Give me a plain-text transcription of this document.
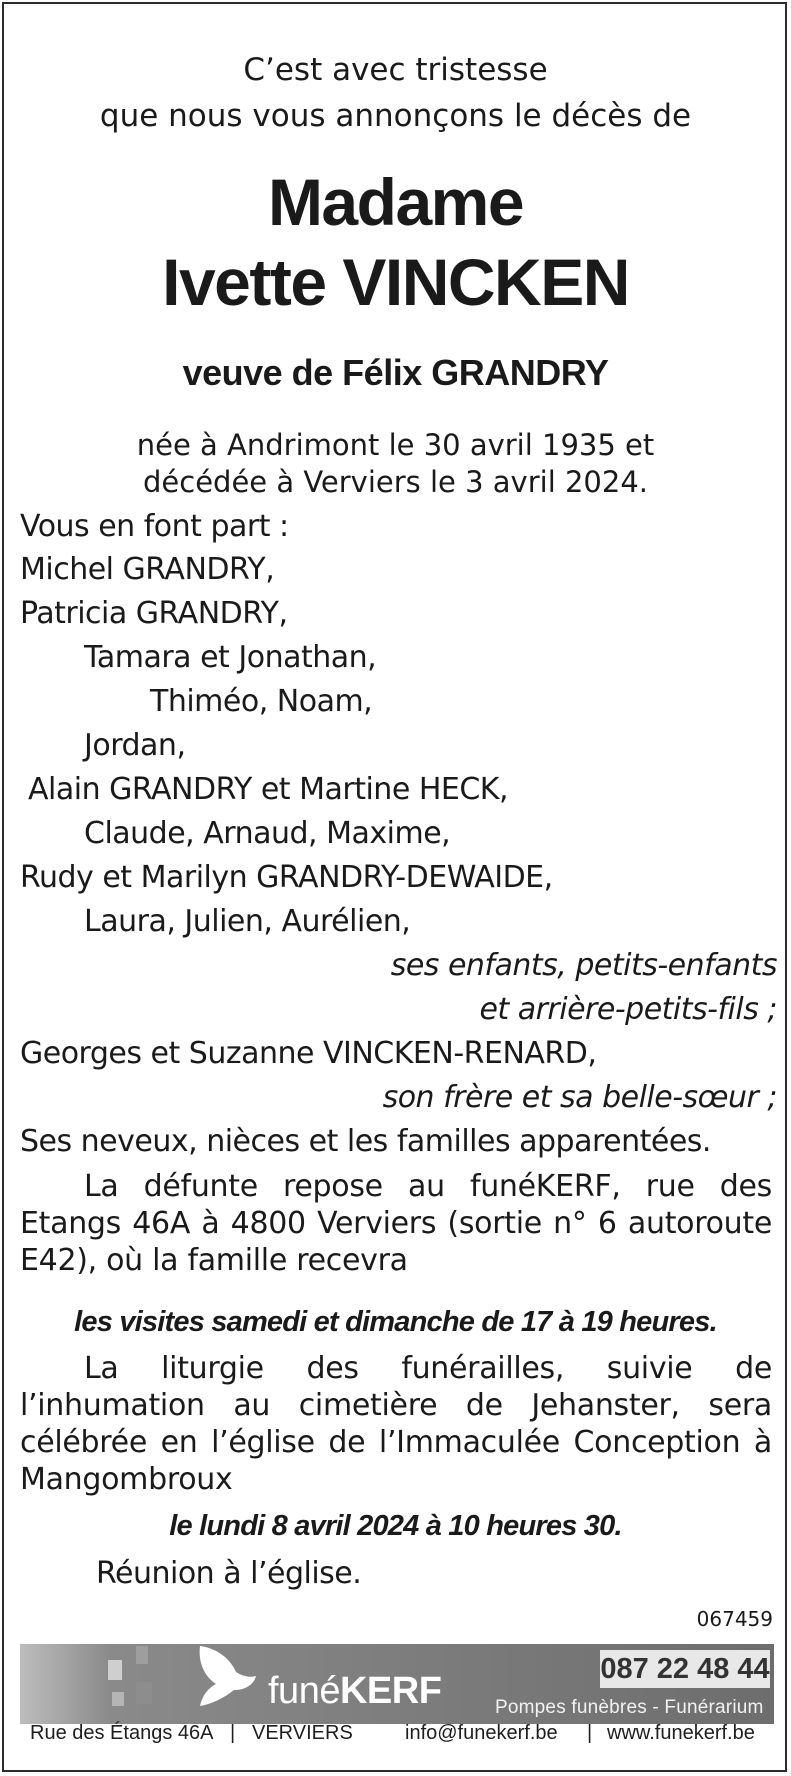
C’est avec tristesse
que nous vous annonçons le décès de
Madame
Ivette VINCKEN
veuve de Félix GRANDRY
née à Andrimont le 30 avril 1935 et
décédée à Verviers le 3 avril 2024.
Vous en font part :
Michel GRANDRY,
Patricia GRANDRY,
Tamara et Jonathan,
Thiméo, Noam,
Jordan,
Alain GRANDRY et Martine HECK,
Claude, Arnaud, Maxime,
Rudy et Marilyn GRANDRY-DEWAIDE,
Laura, Julien, Aurélien,
ses enfants, petits-enfants
et arrière-petits-fils ;
Georges et Suzanne VINCKEN-RENARD,
son frère et sa belle-sœur ;
Ses neveux, nièces et les familles apparentées.
La défunte repose au funéKERF, rue des Etangs 46A à 4800 Verviers (sortie n° 6 autoroute E42), où la famille recevra
les visites samedi et dimanche de 17 à 19 heures.
La liturgie des funérailles, suivie de l’inhumation au cimetière de Jehanster, sera célébrée en l’église de l’Immaculée Conception à Mangombroux
le lundi 8 avril 2024 à 10 heures 30.
Réunion à l’église.
067459
funéKERF
087 22 48 44
Pompes funèbres - Funérarium
Rue des Étangs 46A | VERVIERS	info@funekerf.be | www.funekerf.be
